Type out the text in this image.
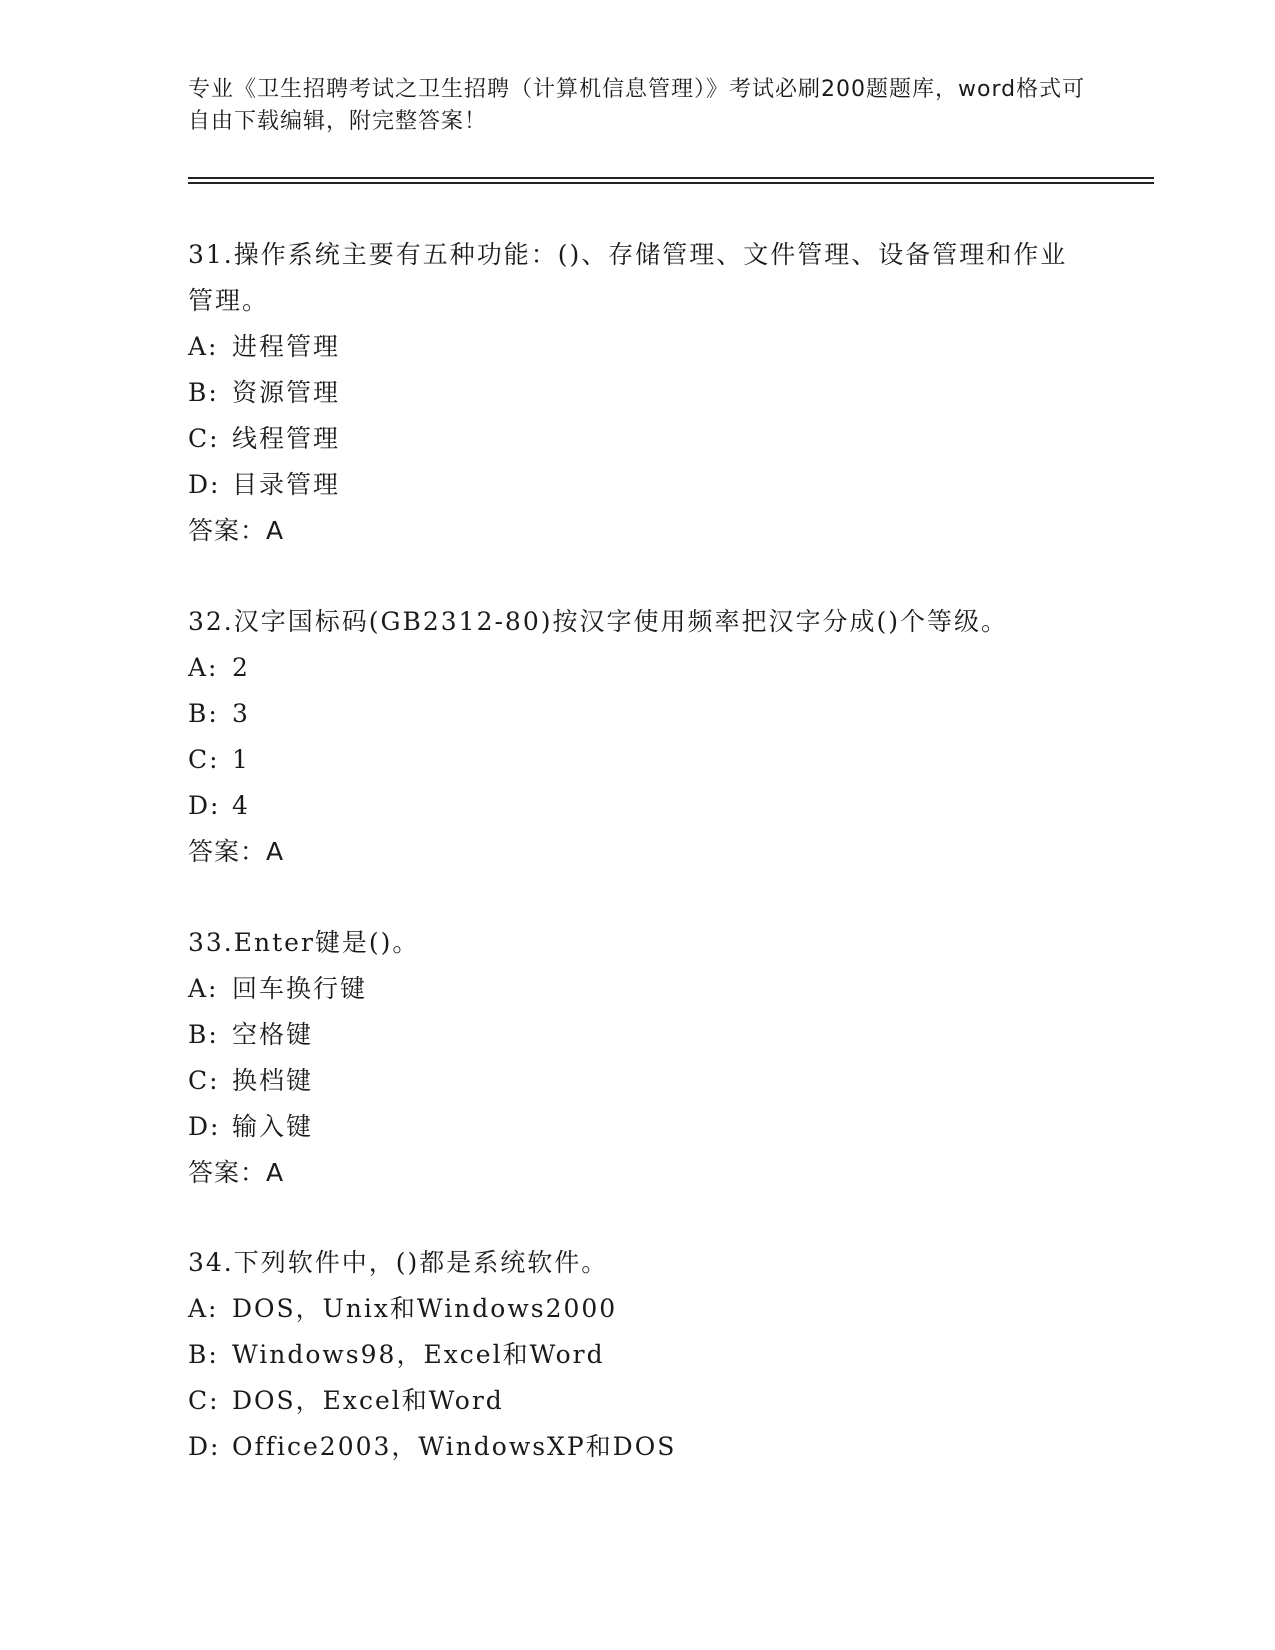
专业《卫生招聘考试之卫生招聘（计算机信息管理）》考试必刷200题题库，word格式可自由下载编辑，附完整答案！

31.操作系统主要有五种功能：()、存储管理、文件管理、设备管理和作业管理。

A: 进程管理

B: 资源管理

C: 线程管理

D: 目录管理

答案：A

32.汉字国标码(GB2312-80)按汉字使用频率把汉字分成()个等级。

A: 2

B: 3

C: 1

D: 4

答案：A

33.Enter键是()。

A: 回车换行键

B: 空格键

C: 换档键

D: 输入键

答案：A

34.下列软件中，()都是系统软件。

A: DOS，Unix和Windows2000

B: Windows98，Excel和Word

C: DOS，Excel和Word

D: Office2003，WindowsXP和DOS
